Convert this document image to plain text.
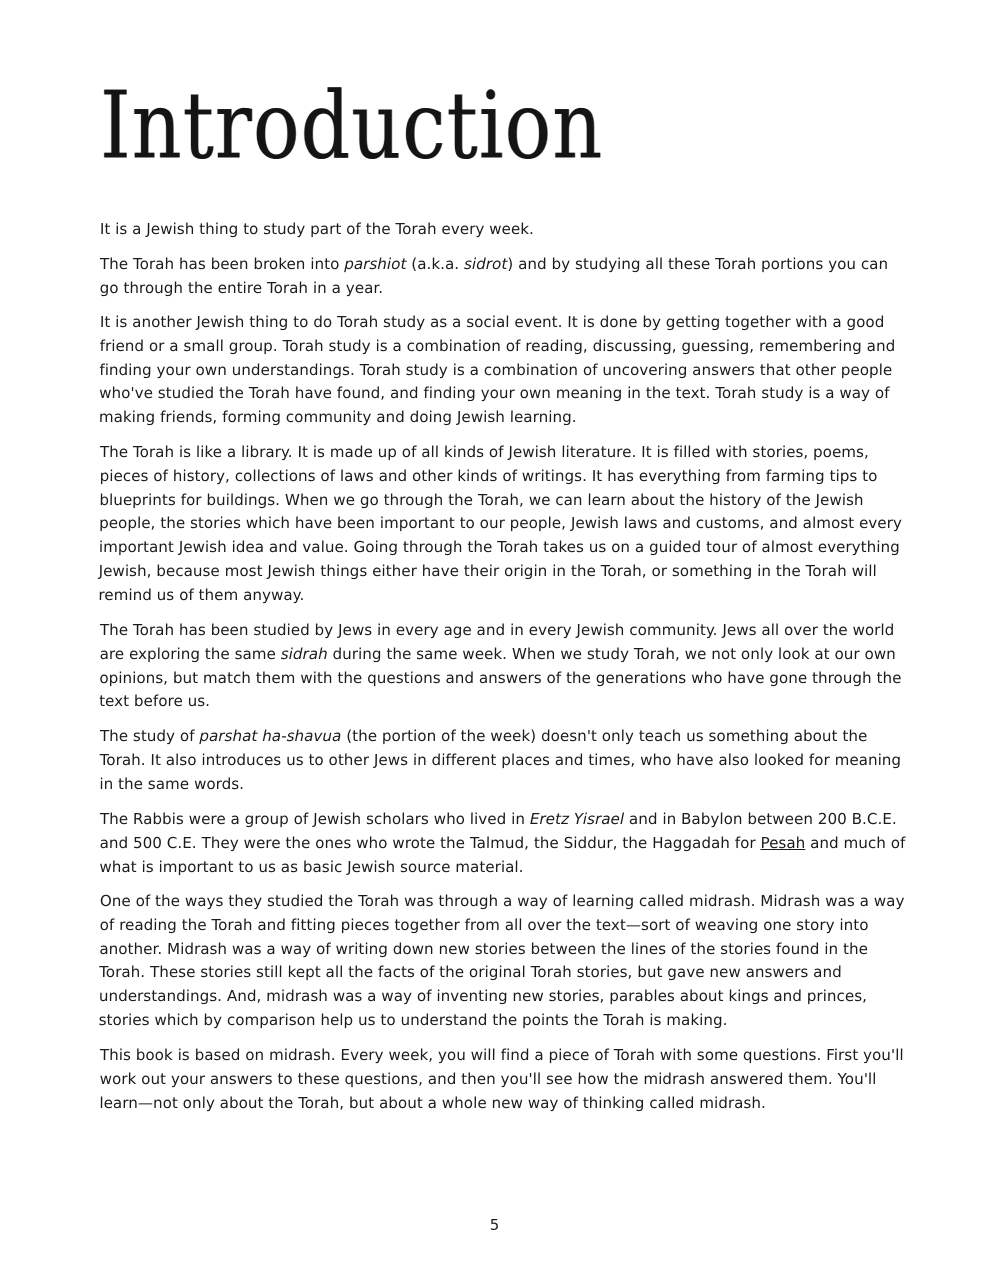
Introduction

It is a Jewish thing to study part of the Torah every week.

The Torah has been broken into parshiot (a.k.a. sidrot) and by studying all these Torah portions you can go through the entire Torah in a year.

It is another Jewish thing to do Torah study as a social event. It is done by getting together with a good friend or a small group. Torah study is a combination of reading, discussing, guessing, remembering and finding your own understandings. Torah study is a combination of uncovering answers that other people who've studied the Torah have found, and finding your own meaning in the text. Torah study is a way of making friends, forming community and doing Jewish learning.

The Torah is like a library. It is made up of all kinds of Jewish literature. It is filled with stories, poems, pieces of history, collections of laws and other kinds of writings. It has everything from farming tips to blueprints for buildings. When we go through the Torah, we can learn about the history of the Jewish people, the stories which have been important to our people, Jewish laws and customs, and almost every important Jewish idea and value. Going through the Torah takes us on a guided tour of almost everything Jewish, because most Jewish things either have their origin in the Torah, or something in the Torah will remind us of them anyway.

The Torah has been studied by Jews in every age and in every Jewish community. Jews all over the world are exploring the same sidrah during the same week. When we study Torah, we not only look at our own opinions, but match them with the questions and answers of the generations who have gone through the text before us.

The study of parshat ha-shavua (the portion of the week) doesn't only teach us something about the Torah. It also introduces us to other Jews in different places and times, who have also looked for meaning in the same words.

The Rabbis were a group of Jewish scholars who lived in Eretz Yisrael and in Babylon between 200 B.C.E. and 500 C.E. They were the ones who wrote the Talmud, the Siddur, the Haggadah for Pesah and much of what is important to us as basic Jewish source material.

One of the ways they studied the Torah was through a way of learning called midrash. Midrash was a way of reading the Torah and fitting pieces together from all over the text—sort of weaving one story into another. Midrash was a way of writing down new stories between the lines of the stories found in the Torah. These stories still kept all the facts of the original Torah stories, but gave new answers and understandings. And, midrash was a way of inventing new stories, parables about kings and princes, stories which by comparison help us to understand the points the Torah is making.

This book is based on midrash. Every week, you will find a piece of Torah with some questions. First you'll work out your answers to these questions, and then you'll see how the midrash answered them. You'll learn—not only about the Torah, but about a whole new way of thinking called midrash.

5
